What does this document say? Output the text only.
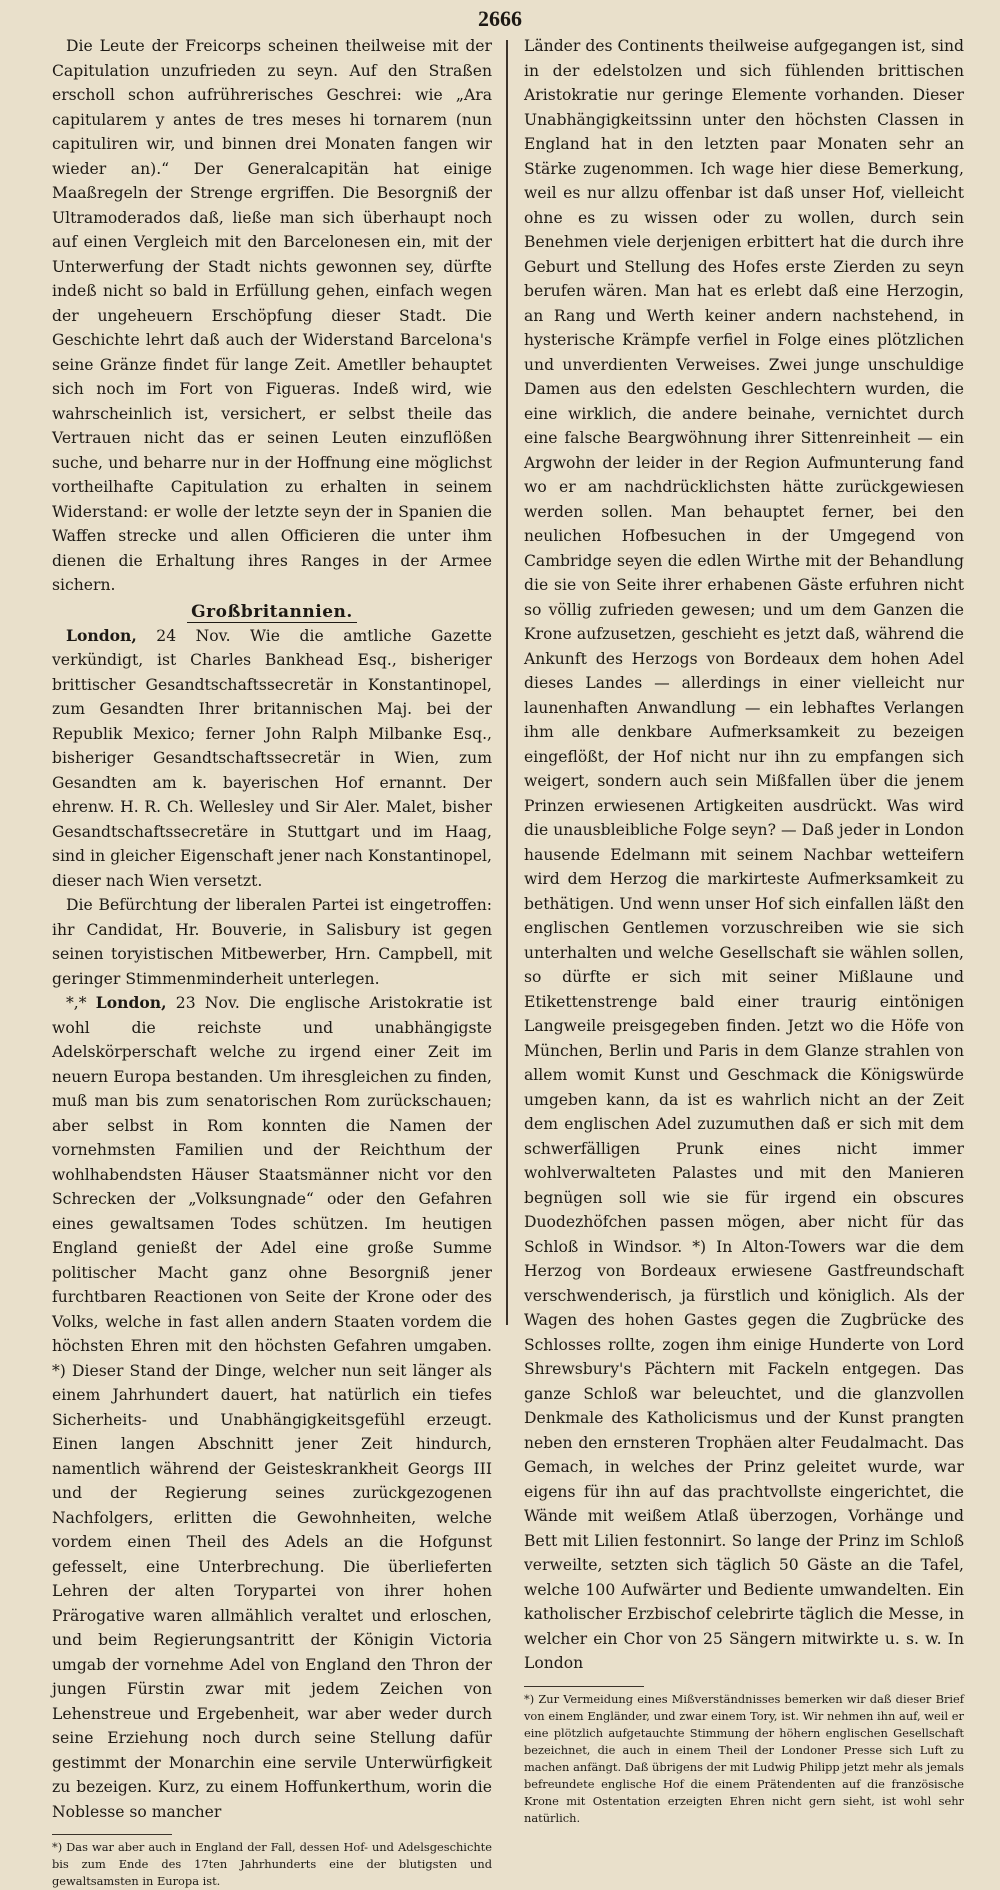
2666

Die Leute der Freicorps scheinen theilweise mit der Capitulation unzufrieden zu seyn. Auf den Straßen erscholl schon aufrührerisches Geschrei: wie „Ara capitularem y antes de tres meses hi tornarem (nun capituliren wir, und binnen drei Monaten fangen wir wieder an).“ Der Generalcapitän hat einige Maaßregeln der Strenge ergriffen. Die Besorgniß der Ultramoderados daß, ließe man sich überhaupt noch auf einen Vergleich mit den Barcelonesen ein, mit der Unterwerfung der Stadt nichts gewonnen sey, dürfte indeß nicht so bald in Erfüllung gehen, einfach wegen der ungeheuern Erschöpfung dieser Stadt. Die Geschichte lehrt daß auch der Widerstand Barcelona's seine Gränze findet für lange Zeit. Ametller behauptet sich noch im Fort von Figueras. Indeß wird, wie wahrscheinlich ist, versichert, er selbst theile das Vertrauen nicht das er seinen Leuten einzuflößen suche, und beharre nur in der Hoffnung eine möglichst vortheilhafte Capitulation zu erhalten in seinem Widerstand: er wolle der letzte seyn der in Spanien die Waffen strecke und allen Officieren die unter ihm dienen die Erhaltung ihres Ranges in der Armee sichern.

Großbritannien.

London, 24 Nov. Wie die amtliche Gazette verkündigt, ist Charles Bankhead Esq., bisheriger brittischer Gesandtschaftssecretär in Konstantinopel, zum Gesandten Ihrer britannischen Maj. bei der Republik Mexico; ferner John Ralph Milbanke Esq., bisheriger Gesandtschaftssecretär in Wien, zum Gesandten am k. bayerischen Hof ernannt. Der ehrenw. H. R. Ch. Wellesley und Sir Aler. Malet, bisher Gesandtschaftssecretäre in Stuttgart und im Haag, sind in gleicher Eigenschaft jener nach Konstantinopel, dieser nach Wien versetzt.

Die Befürchtung der liberalen Partei ist eingetroffen: ihr Candidat, Hr. Bouverie, in Salisbury ist gegen seinen toryistischen Mitbewerber, Hrn. Campbell, mit geringer Stimmenminderheit unterlegen.

*,* London, 23 Nov. Die englische Aristokratie ist wohl die reichste und unabhängigste Adelskörperschaft welche zu irgend einer Zeit im neuern Europa bestanden. Um ihresgleichen zu finden, muß man bis zum senatorischen Rom zurückschauen; aber selbst in Rom konnten die Namen der vornehmsten Familien und der Reichthum der wohlhabendsten Häuser Staatsmänner nicht vor den Schrecken der „Volksungnade“ oder den Gefahren eines gewaltsamen Todes schützen. Im heutigen England genießt der Adel eine große Summe politischer Macht ganz ohne Besorgniß jener furchtbaren Reactionen von Seite der Krone oder des Volks, welche in fast allen andern Staaten vordem die höchsten Ehren mit den höchsten Gefahren umgaben. *) Dieser Stand der Dinge, welcher nun seit länger als einem Jahrhundert dauert, hat natürlich ein tiefes Sicherheits- und Unabhängigkeitsgefühl erzeugt. Einen langen Abschnitt jener Zeit hindurch, namentlich während der Geisteskrankheit Georgs III und der Regierung seines zurückgezogenen Nachfolgers, erlitten die Gewohnheiten, welche vordem einen Theil des Adels an die Hofgunst gefesselt, eine Unterbrechung. Die überlieferten Lehren der alten Torypartei von ihrer hohen Prärogative waren allmählich veraltet und erloschen, und beim Regierungsantritt der Königin Victoria umgab der vornehme Adel von England den Thron der jungen Fürstin zwar mit jedem Zeichen von Lehenstreue und Ergebenheit, war aber weder durch seine Erziehung noch durch seine Stellung dafür gestimmt der Monarchin eine servile Unterwürfigkeit zu bezeigen. Kurz, zu einem Hoffunkerthum, worin die Noblesse so mancher

*) Das war aber auch in England der Fall, dessen Hof- und Adelsgeschichte bis zum Ende des 17ten Jahrhunderts eine der blutigsten und gewaltsamsten in Europa ist.

Länder des Continents theilweise aufgegangen ist, sind in der edelstolzen und sich fühlenden brittischen Aristokratie nur geringe Elemente vorhanden. Dieser Unabhängigkeitssinn unter den höchsten Classen in England hat in den letzten paar Monaten sehr an Stärke zugenommen. Ich wage hier diese Bemerkung, weil es nur allzu offenbar ist daß unser Hof, vielleicht ohne es zu wissen oder zu wollen, durch sein Benehmen viele derjenigen erbittert hat die durch ihre Geburt und Stellung des Hofes erste Zierden zu seyn berufen wären. Man hat es erlebt daß eine Herzogin, an Rang und Werth keiner andern nachstehend, in hysterische Krämpfe verfiel in Folge eines plötzlichen und unverdienten Verweises. Zwei junge unschuldige Damen aus den edelsten Geschlechtern wurden, die eine wirklich, die andere beinahe, vernichtet durch eine falsche Beargwöhnung ihrer Sittenreinheit — ein Argwohn der leider in der Region Aufmunterung fand wo er am nachdrücklichsten hätte zurückgewiesen werden sollen. Man behauptet ferner, bei den neulichen Hofbesuchen in der Umgegend von Cambridge seyen die edlen Wirthe mit der Behandlung die sie von Seite ihrer erhabenen Gäste erfuhren nicht so völlig zufrieden gewesen; und um dem Ganzen die Krone aufzusetzen, geschieht es jetzt daß, während die Ankunft des Herzogs von Bordeaux dem hohen Adel dieses Landes — allerdings in einer vielleicht nur launenhaften Anwandlung — ein lebhaftes Verlangen ihm alle denkbare Aufmerksamkeit zu bezeigen eingeflößt, der Hof nicht nur ihn zu empfangen sich weigert, sondern auch sein Mißfallen über die jenem Prinzen erwiesenen Artigkeiten ausdrückt. Was wird die unausbleibliche Folge seyn? — Daß jeder in London hausende Edelmann mit seinem Nachbar wetteifern wird dem Herzog die markirteste Aufmerksamkeit zu bethätigen. Und wenn unser Hof sich einfallen läßt den englischen Gentlemen vorzuschreiben wie sie sich unterhalten und welche Gesellschaft sie wählen sollen, so dürfte er sich mit seiner Mißlaune und Etikettenstrenge bald einer traurig eintönigen Langweile preisgegeben finden. Jetzt wo die Höfe von München, Berlin und Paris in dem Glanze strahlen von allem womit Kunst und Geschmack die Königswürde umgeben kann, da ist es wahrlich nicht an der Zeit dem englischen Adel zuzumuthen daß er sich mit dem schwerfälligen Prunk eines nicht immer wohlverwalteten Palastes und mit den Manieren begnügen soll wie sie für irgend ein obscures Duodezhöfchen passen mögen, aber nicht für das Schloß in Windsor. *) In Alton-Towers war die dem Herzog von Bordeaux erwiesene Gastfreundschaft verschwenderisch, ja fürstlich und königlich. Als der Wagen des hohen Gastes gegen die Zugbrücke des Schlosses rollte, zogen ihm einige Hunderte von Lord Shrewsbury's Pächtern mit Fackeln entgegen. Das ganze Schloß war beleuchtet, und die glanzvollen Denkmale des Katholicismus und der Kunst prangten neben den ernsteren Trophäen alter Feudalmacht. Das Gemach, in welches der Prinz geleitet wurde, war eigens für ihn auf das prachtvollste eingerichtet, die Wände mit weißem Atlaß überzogen, Vorhänge und Bett mit Lilien festonnirt. So lange der Prinz im Schloß verweilte, setzten sich täglich 50 Gäste an die Tafel, welche 100 Aufwärter und Bediente umwandelten. Ein katholischer Erzbischof celebrirte täglich die Messe, in welcher ein Chor von 25 Sängern mitwirkte u. s. w. In London

*) Zur Vermeidung eines Mißverständnisses bemerken wir daß dieser Brief von einem Engländer, und zwar einem Tory, ist. Wir nehmen ihn auf, weil er eine plötzlich aufgetauchte Stimmung der höhern englischen Gesellschaft bezeichnet, die auch in einem Theil der Londoner Presse sich Luft zu machen anfängt. Daß übrigens der mit Ludwig Philipp jetzt mehr als jemals befreundete englische Hof die einem Prätendenten auf die französische Krone mit Ostentation erzeigten Ehren nicht gern sieht, ist wohl sehr natürlich.
